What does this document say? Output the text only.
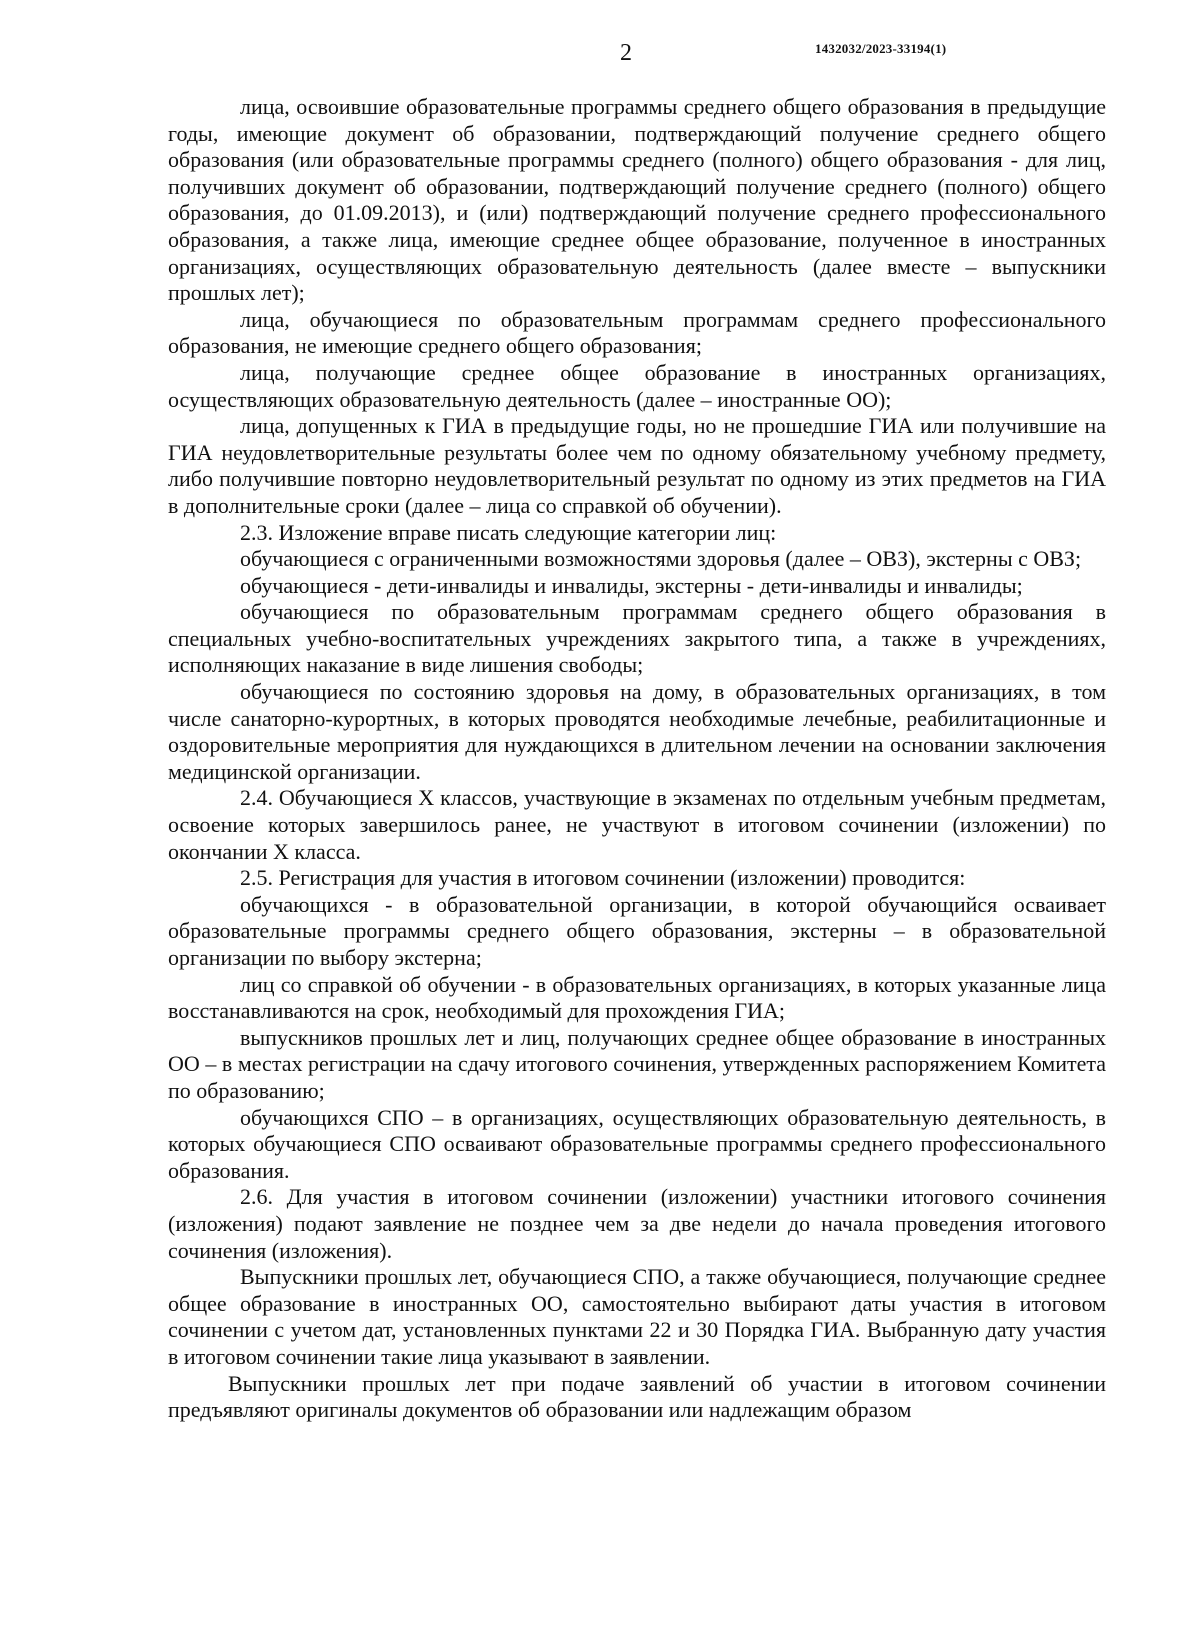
2	1432032/2023-33194(1)

лица, освоившие образовательные программы среднего общего образования в предыдущие годы, имеющие документ об образовании, подтверждающий получение среднего общего образования (или образовательные программы среднего (полного) общего образования - для лиц, получивших документ об образовании, подтверждающий получение среднего (полного) общего образования, до 01.09.2013), и (или) подтверждающий получение среднего профессионального образования, а также лица, имеющие среднее общее образование, полученное в иностранных организациях, осуществляющих образовательную деятельность (далее вместе – выпускники прошлых лет);

лица, обучающиеся по образовательным программам среднего профессионального образования, не имеющие среднего общего образования;

лица, получающие среднее общее образование в иностранных организациях, осуществляющих образовательную деятельность (далее – иностранные ОО);

лица, допущенных к ГИА в предыдущие годы, но не прошедшие ГИА или получившие на ГИА неудовлетворительные результаты более чем по одному обязательному учебному предмету, либо получившие повторно неудовлетворительный результат по одному из этих предметов на ГИА в дополнительные сроки (далее – лица со справкой об обучении).

2.3. Изложение вправе писать следующие категории лиц:

обучающиеся с ограниченными возможностями здоровья (далее – ОВЗ), экстерны с ОВЗ;

обучающиеся - дети-инвалиды и инвалиды, экстерны - дети-инвалиды и инвалиды;

обучающиеся по образовательным программам среднего общего образования в специальных учебно-воспитательных учреждениях закрытого типа, а также в учреждениях, исполняющих наказание в виде лишения свободы;

обучающиеся по состоянию здоровья на дому, в образовательных организациях, в том числе санаторно-курортных, в которых проводятся необходимые лечебные, реабилитационные и оздоровительные мероприятия для нуждающихся в длительном лечении на основании заключения медицинской организации.

2.4. Обучающиеся X классов, участвующие в экзаменах по отдельным учебным предметам, освоение которых завершилось ранее, не участвуют в итоговом сочинении (изложении) по окончании X класса.

2.5. Регистрация для участия в итоговом сочинении (изложении) проводится:

обучающихся - в образовательной организации, в которой обучающийся осваивает образовательные программы среднего общего образования, экстерны – в образовательной организации по выбору экстерна;

лиц со справкой об обучении - в образовательных организациях, в которых указанные лица восстанавливаются на срок, необходимый для прохождения ГИА;

выпускников прошлых лет и лиц, получающих среднее общее образование в иностранных ОО – в местах регистрации на сдачу итогового сочинения, утвержденных распоряжением Комитета по образованию;

обучающихся СПО – в организациях, осуществляющих образовательную деятельность, в которых обучающиеся СПО осваивают образовательные программы среднего профессионального образования.

2.6. Для участия в итоговом сочинении (изложении) участники итогового сочинения (изложения) подают заявление не позднее чем за две недели до начала проведения итогового сочинения (изложения).

Выпускники прошлых лет, обучающиеся СПО, а также обучающиеся, получающие среднее общее образование в иностранных ОО, самостоятельно выбирают даты участия в итоговом сочинении с учетом дат, установленных пунктами 22 и 30 Порядка ГИА. Выбранную дату участия в итоговом сочинении такие лица указывают в заявлении.

Выпускники прошлых лет при подаче заявлений об участии в итоговом сочинении предъявляют оригиналы документов об образовании или надлежащим образом
